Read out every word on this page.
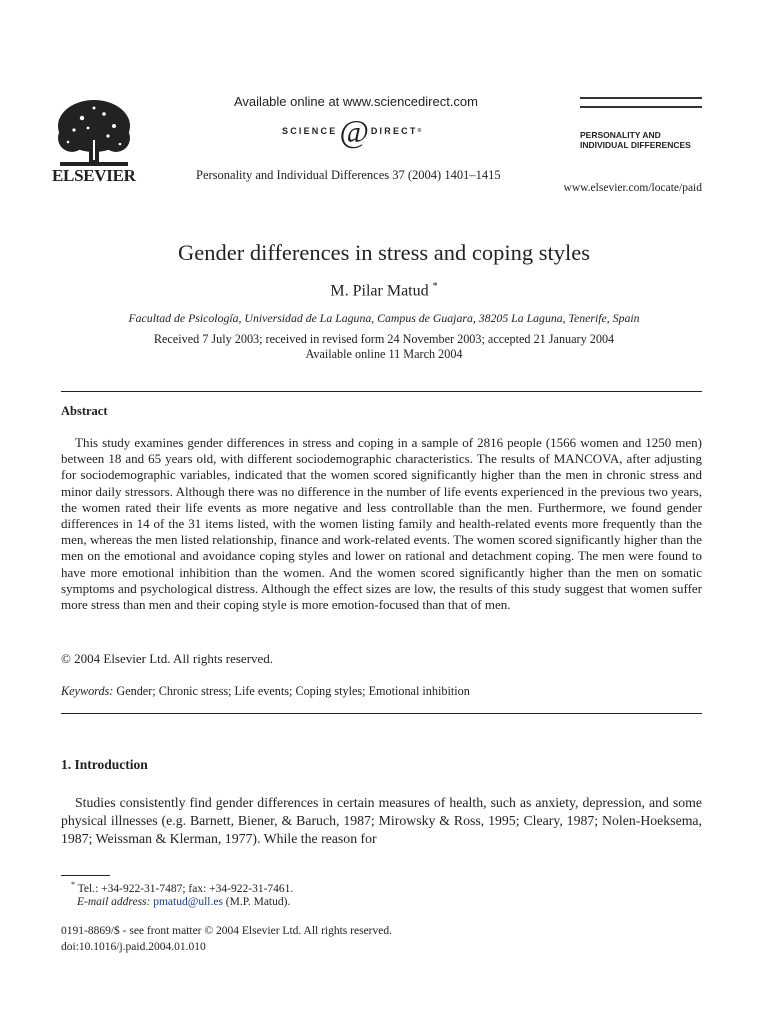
ELSEVIER
Available online at www.sciencedirect.com
SCIENCE @ DIRECT ®
Personality and Individual Differences 37 (2004) 1401–1415
PERSONALITY AND
INDIVIDUAL DIFFERENCES
www.elsevier.com/locate/paid
Gender differences in stress and coping styles
M. Pilar Matud *
Facultad de Psicología, Universidad de La Laguna, Campus de Guajara, 38205 La Laguna, Tenerife, Spain
Received 7 July 2003; received in revised form 24 November 2003; accepted 21 January 2004
Available online 11 March 2004
Abstract

This study examines gender differences in stress and coping in a sample of 2816 people (1566 women and 1250 men) between 18 and 65 years old, with different sociodemographic characteristics. The results of MANCOVA, after adjusting for sociodemographic variables, indicated that the women scored significantly higher than the men in chronic stress and minor daily stressors. Although there was no difference in the number of life events experienced in the previous two years, the women rated their life events as more negative and less controllable than the men. Furthermore, we found gender differences in 14 of the 31 items listed, with the women listing family and health-related events more frequently than the men, whereas the men listed relationship, finance and work-related events. The women scored significantly higher than the men on the emotional and avoidance coping styles and lower on rational and detachment coping. The men were found to have more emotional inhibition than the women. And the women scored significantly higher than the men on somatic symptoms and psychological distress. Although the effect sizes are low, the results of this study suggest that women suffer more stress than men and their coping style is more emotion-focused than that of men.

© 2004 Elsevier Ltd. All rights reserved.
Keywords: Gender; Chronic stress; Life events; Coping styles; Emotional inhibition
1. Introduction

Studies consistently find gender differences in certain measures of health, such as anxiety, depression, and some physical illnesses (e.g. Barnett, Biener, & Baruch, 1987; Mirowsky & Ross, 1995; Cleary, 1987; Nolen-Hoeksema, 1987; Weissman & Klerman, 1977). While the reason for

* Tel.: +34-922-31-7487; fax: +34-922-31-7461.
E-mail address: pmatud@ull.es (M.P. Matud).
0191-8869/$ - see front matter © 2004 Elsevier Ltd. All rights reserved.
doi:10.1016/j.paid.2004.01.010
